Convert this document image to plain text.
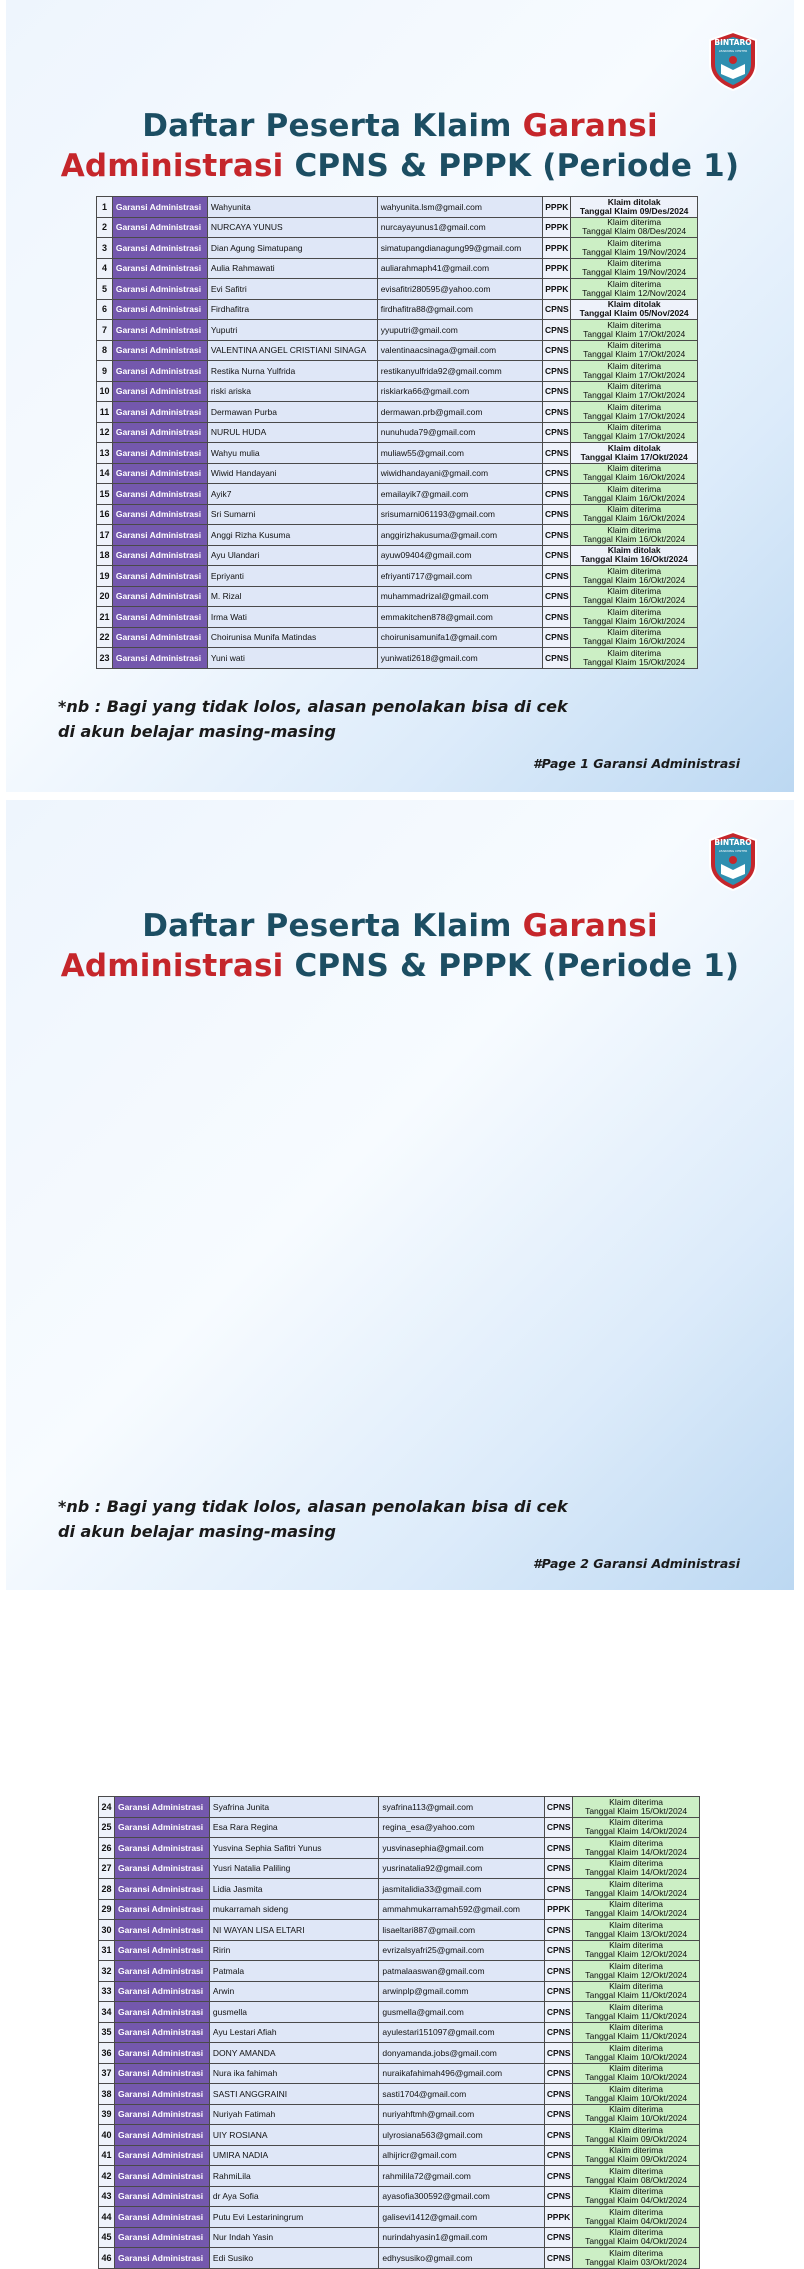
BINTARO
LEARNING CENTER
Daftar Peserta Klaim Garansi
Administrasi CPNS & PPPK (Periode 1)
1	Garansi Administrasi	Wahyunita	wahyunita.lsm@gmail.com	PPPK	Klaim ditolak
Tanggal Klaim 09/Des/2024

2	Garansi Administrasi	NURCAYA YUNUS	nurcayayunus1@gmail.com	PPPK	Klaim diterima
Tanggal Klaim 08/Des/2024

3	Garansi Administrasi	Dian Agung Simatupang	simatupangdianagung99@gmail.com	PPPK	Klaim diterima
Tanggal Klaim 19/Nov/2024

4	Garansi Administrasi	Aulia Rahmawati	auliarahmaph41@gmail.com	PPPK	Klaim diterima
Tanggal Klaim 19/Nov/2024

5	Garansi Administrasi	Evi Safitri	evisafitri280595@yahoo.com	PPPK	Klaim diterima
Tanggal Klaim 12/Nov/2024

6	Garansi Administrasi	Firdhafitra	firdhafitra88@gmail.com	CPNS	Klaim ditolak
Tanggal Klaim 05/Nov/2024

7	Garansi Administrasi	Yuputri	yyuputri@gmail.com	CPNS	Klaim diterima
Tanggal Klaim 17/Okt/2024

8	Garansi Administrasi	VALENTINA ANGEL CRISTIANI SINAGA	valentinaacsinaga@gmail.com	CPNS	Klaim diterima
Tanggal Klaim 17/Okt/2024

9	Garansi Administrasi	Restika Nurna Yulfrida	restikanyulfrida92@gmail.comm	CPNS	Klaim diterima
Tanggal Klaim 17/Okt/2024

10	Garansi Administrasi	riski ariska	riskiarka66@gmail.com	CPNS	Klaim diterima
Tanggal Klaim 17/Okt/2024

11	Garansi Administrasi	Dermawan Purba	dermawan.prb@gmail.com	CPNS	Klaim diterima
Tanggal Klaim 17/Okt/2024

12	Garansi Administrasi	NURUL HUDA	nunuhuda79@gmail.com	CPNS	Klaim diterima
Tanggal Klaim 17/Okt/2024

13	Garansi Administrasi	Wahyu mulia	muliaw55@gmail.com	CPNS	Klaim ditolak
Tanggal Klaim 17/Okt/2024

14	Garansi Administrasi	Wiwid Handayani	wiwidhandayani@gmail.com	CPNS	Klaim diterima
Tanggal Klaim 16/Okt/2024

15	Garansi Administrasi	Ayik7	emailayik7@gmail.com	CPNS	Klaim diterima
Tanggal Klaim 16/Okt/2024

16	Garansi Administrasi	Sri Sumarni	srisumarni061193@gmail.com	CPNS	Klaim diterima
Tanggal Klaim 16/Okt/2024

17	Garansi Administrasi	Anggi Rizha Kusuma	anggirizhakusuma@gmail.com	CPNS	Klaim diterima
Tanggal Klaim 16/Okt/2024

18	Garansi Administrasi	Ayu Ulandari	ayuw09404@gmail.com	CPNS	Klaim ditolak
Tanggal Klaim 16/Okt/2024

19	Garansi Administrasi	Epriyanti	efriyanti717@gmail.com	CPNS	Klaim diterima
Tanggal Klaim 16/Okt/2024

20	Garansi Administrasi	M. Rizal	muhammadrizal@gmail.com	CPNS	Klaim diterima
Tanggal Klaim 16/Okt/2024

21	Garansi Administrasi	Irma Wati	emmakitchen878@gmail.com	CPNS	Klaim diterima
Tanggal Klaim 16/Okt/2024

22	Garansi Administrasi	Choirunisa Munifa Matindas	choirunisamunifa1@gmail.com	CPNS	Klaim diterima
Tanggal Klaim 16/Okt/2024

23	Garansi Administrasi	Yuni wati	yuniwati2618@gmail.com	CPNS	Klaim diterima
Tanggal Klaim 15/Okt/2024
*nb : Bagi yang tidak lolos, alasan penolakan bisa di cek
di akun belajar masing-masing
#Page 1 Garansi Administrasi
BINTARO
LEARNING CENTER
Daftar Peserta Klaim Garansi
Administrasi CPNS & PPPK (Periode 1)
24	Garansi Administrasi	Syafrina Junita	syafrina113@gmail.com	CPNS	Klaim diterima
Tanggal Klaim 15/Okt/2024

25	Garansi Administrasi	Esa Rara Regina	regina_esa@yahoo.com	CPNS	Klaim diterima
Tanggal Klaim 14/Okt/2024

26	Garansi Administrasi	Yusvina Sephia Safitri Yunus	yusvinasephia@gmail.com	CPNS	Klaim diterima
Tanggal Klaim 14/Okt/2024

27	Garansi Administrasi	Yusri Natalia Paliling	yusrinatalia92@gmail.com	CPNS	Klaim diterima
Tanggal Klaim 14/Okt/2024

28	Garansi Administrasi	Lidia Jasmita	jasmitalidia33@gmail.com	CPNS	Klaim diterima
Tanggal Klaim 14/Okt/2024

29	Garansi Administrasi	mukarramah sideng	ammahmukarramah592@gmail.com	PPPK	Klaim diterima
Tanggal Klaim 14/Okt/2024

30	Garansi Administrasi	NI WAYAN LISA ELTARI	lisaeltari887@gmail.com	CPNS	Klaim diterima
Tanggal Klaim 13/Okt/2024

31	Garansi Administrasi	Ririn	evrizalsyafri25@gmail.com	CPNS	Klaim diterima
Tanggal Klaim 12/Okt/2024

32	Garansi Administrasi	Patmala	patmalaaswan@gmail.com	CPNS	Klaim diterima
Tanggal Klaim 12/Okt/2024

33	Garansi Administrasi	Arwin	arwinplp@gmail.comm	CPNS	Klaim diterima
Tanggal Klaim 11/Okt/2024

34	Garansi Administrasi	gusmella	gusmella@gmail.com	CPNS	Klaim diterima
Tanggal Klaim 11/Okt/2024

35	Garansi Administrasi	Ayu Lestari Afiah	ayulestari151097@gmail.com	CPNS	Klaim diterima
Tanggal Klaim 11/Okt/2024

36	Garansi Administrasi	DONY AMANDA	donyamanda.jobs@gmail.com	CPNS	Klaim diterima
Tanggal Klaim 10/Okt/2024

37	Garansi Administrasi	Nura ika fahimah	nuraikafahimah496@gmail.com	CPNS	Klaim diterima
Tanggal Klaim 10/Okt/2024

38	Garansi Administrasi	SASTI ANGGRAINI	sasti1704@gmail.com	CPNS	Klaim diterima
Tanggal Klaim 10/Okt/2024

39	Garansi Administrasi	Nuriyah Fatimah	nuriyahftmh@gmail.com	CPNS	Klaim diterima
Tanggal Klaim 10/Okt/2024

40	Garansi Administrasi	UIY ROSIANA	ulyrosiana563@gmail.com	CPNS	Klaim diterima
Tanggal Klaim 09/Okt/2024

41	Garansi Administrasi	UMIRA NADIA	alhijricr@gmail.com	CPNS	Klaim diterima
Tanggal Klaim 09/Okt/2024

42	Garansi Administrasi	RahmiLila	rahmilila72@gmail.com	CPNS	Klaim diterima
Tanggal Klaim 08/Okt/2024

43	Garansi Administrasi	dr Aya Sofia	ayasofia300592@gmail.com	CPNS	Klaim diterima
Tanggal Klaim 04/Okt/2024

44	Garansi Administrasi	Putu Evi Lestariningrum	galisevi1412@gmail.com	PPPK	Klaim diterima
Tanggal Klaim 04/Okt/2024

45	Garansi Administrasi	Nur Indah Yasin	nurindahyasin1@gmail.com	CPNS	Klaim diterima
Tanggal Klaim 04/Okt/2024

46	Garansi Administrasi	Edi Susiko	edhysusiko@gmail.com	CPNS	Klaim diterima
Tanggal Klaim 03/Okt/2024
*nb : Bagi yang tidak lolos, alasan penolakan bisa di cek
di akun belajar masing-masing
#Page 2 Garansi Administrasi
